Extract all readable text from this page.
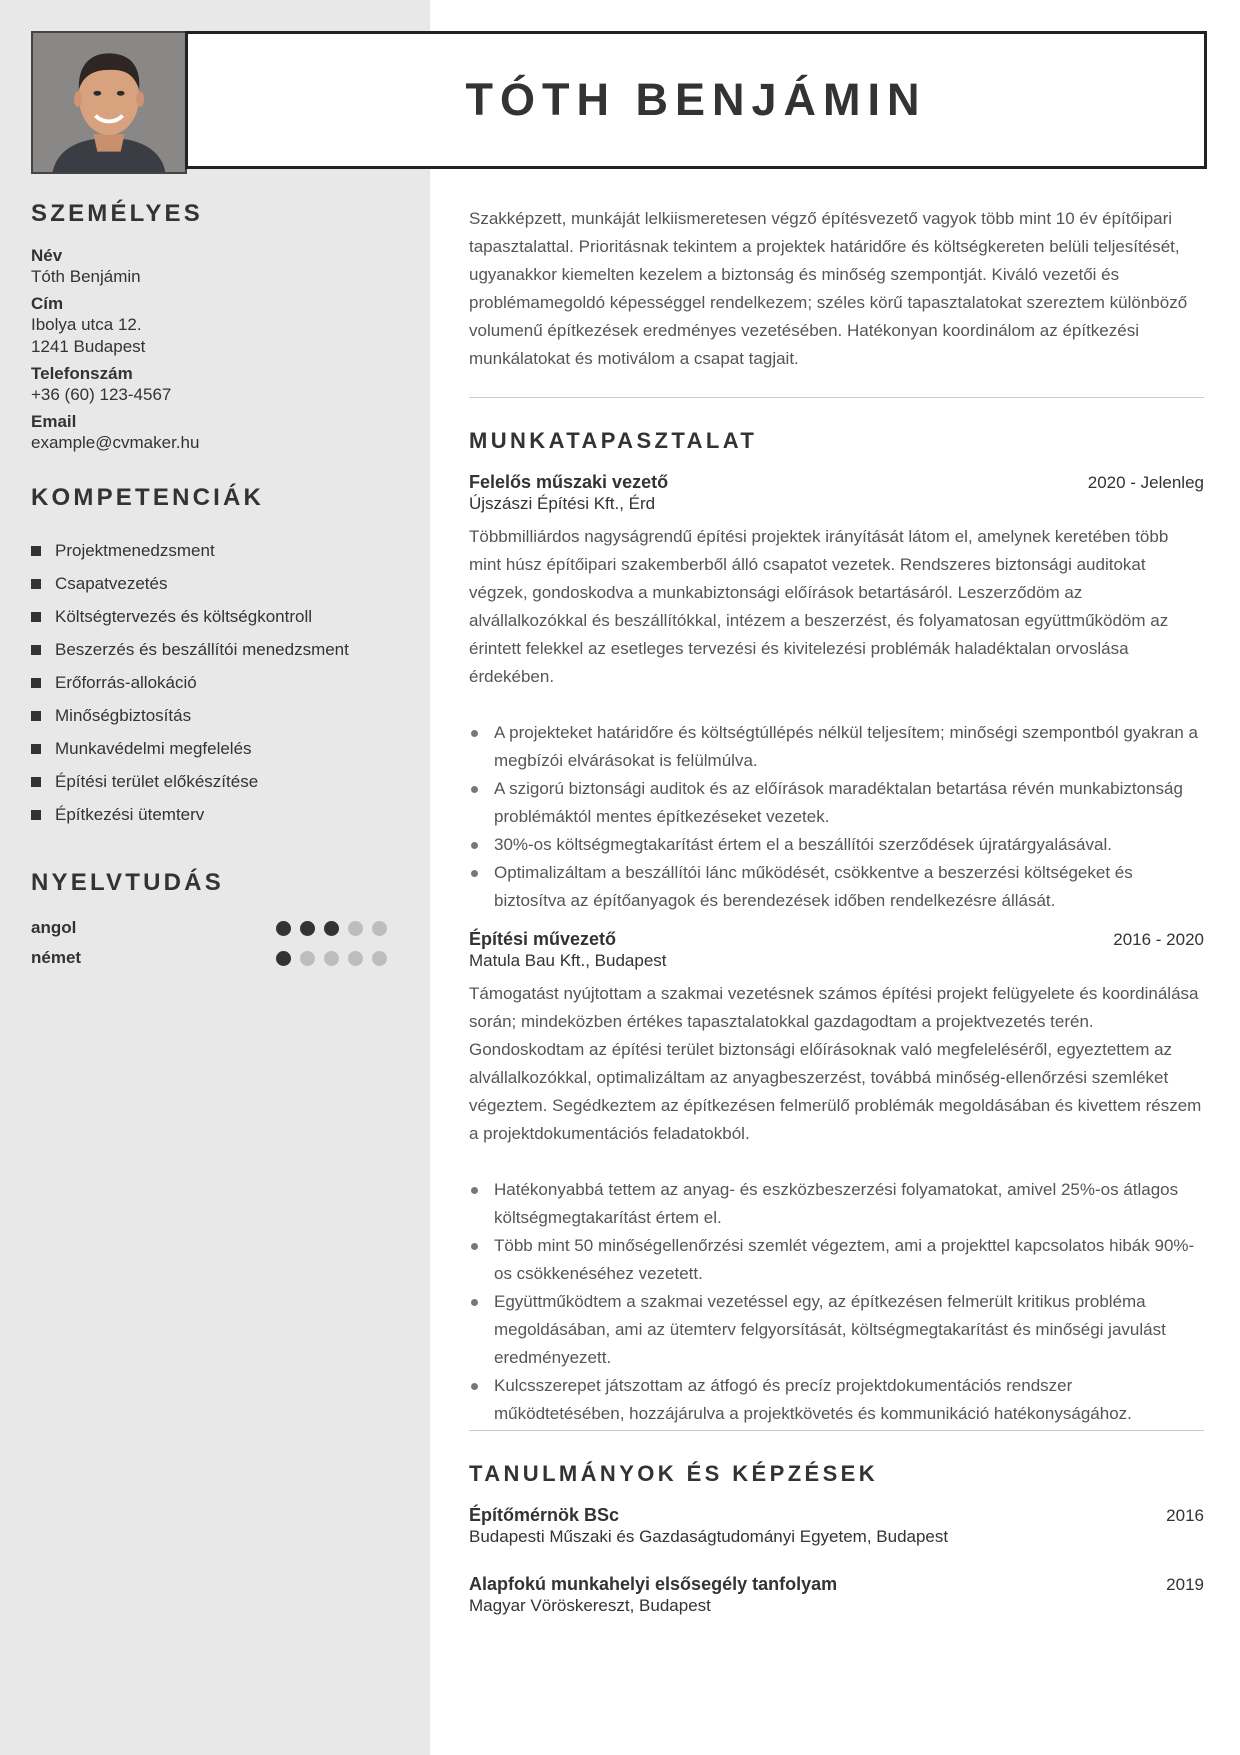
TÓTH BENJÁMIN
SZEMÉLYES
Név
Tóth Benjámin
Cím
Ibolya utca 12.
1241 Budapest
Telefonszám
+36 (60) 123-4567
Email
example@cvmaker.hu
KOMPETENCIÁK
Projektmenedzsment
Csapatvezetés
Költségtervezés és költségkontroll
Beszerzés és beszállítói menedzsment
Erőforrás-allokáció
Minőségbiztosítás
Munkavédelmi megfelelés
Építési terület előkészítése
Építkezési ütemterv
NYELVTUDÁS
angol
német

Szakképzett, munkáját lelkiismeretesen végző építésvezető vagyok több mint 10 év építőipari tapasztalattal. Prioritásnak tekintem a projektek határidőre és költségkereten belüli teljesítését, ugyanakkor kiemelten kezelem a biztonság és minőség szempontját. Kiváló vezetői és problémamegoldó képességgel rendelkezem; széles körű tapasztalatokat szereztem különböző volumenű építkezések eredményes vezetésében. Hatékonyan koordinálom az építkezési munkálatokat és motiválom a csapat tagjait.

MUNKATAPASZTALAT
Felelős műszaki vezető	2020 - Jelenleg
Újszászi Építési Kft., Érd

Többmilliárdos nagyságrendű építési projektek irányítását látom el, amelynek keretében több mint húsz építőipari szakemberből álló csapatot vezetek. Rendszeres biztonsági auditokat végzek, gondoskodva a munkabiztonsági előírások betartásáról. Leszerződöm az alvállalkozókkal és beszállítókkal, intézem a beszerzést, és folyamatosan együttműködöm az érintett felekkel az esetleges tervezési és kivitelezési problémák haladéktalan orvoslása érdekében.

A projekteket határidőre és költségtúllépés nélkül teljesítem; minőségi szempontból gyakran a megbízói elvárásokat is felülmúlva.
A szigorú biztonsági auditok és az előírások maradéktalan betartása révén munkabiztonság problémáktól mentes építkezéseket vezetek.
30%-os költségmegtakarítást értem el a beszállítói szerződések újratárgyalásával.
Optimalizáltam a beszállítói lánc működését, csökkentve a beszerzési költségeket és biztosítva az építőanyagok és berendezések időben rendelkezésre állását.
Építési művezető	2016 - 2020
Matula Bau Kft., Budapest

Támogatást nyújtottam a szakmai vezetésnek számos építési projekt felügyelete és koordinálása során; mindeközben értékes tapasztalatokkal gazdagodtam a projektvezetés terén. Gondoskodtam az építési terület biztonsági előírásoknak való megfeleléséről, egyeztettem az alvállalkozókkal, optimalizáltam az anyagbeszerzést, továbbá minőség-ellenőrzési szemléket végeztem. Segédkeztem az építkezésen felmerülő problémák megoldásában és kivettem részem a projektdokumentációs feladatokból.

Hatékonyabbá tettem az anyag- és eszközbeszerzési folyamatokat, amivel 25%-os átlagos költségmegtakarítást értem el.
Több mint 50 minőségellenőrzési szemlét végeztem, ami a projekttel kapcsolatos hibák 90%-os csökkenéséhez vezetett.
Együttműködtem a szakmai vezetéssel egy, az építkezésen felmerült kritikus probléma megoldásában, ami az ütemterv felgyorsítását, költségmegtakarítást és minőségi javulást eredményezett.
Kulcsszerepet játszottam az átfogó és precíz projektdokumentációs rendszer működtetésében, hozzájárulva a projektkövetés és kommunikáció hatékonyságához.
TANULMÁNYOK ÉS KÉPZÉSEK
Építőmérnök BSc	2016
Budapesti Műszaki és Gazdaságtudományi Egyetem, Budapest
Alapfokú munkahelyi elsősegély tanfolyam	2019
Magyar Vöröskereszt, Budapest
